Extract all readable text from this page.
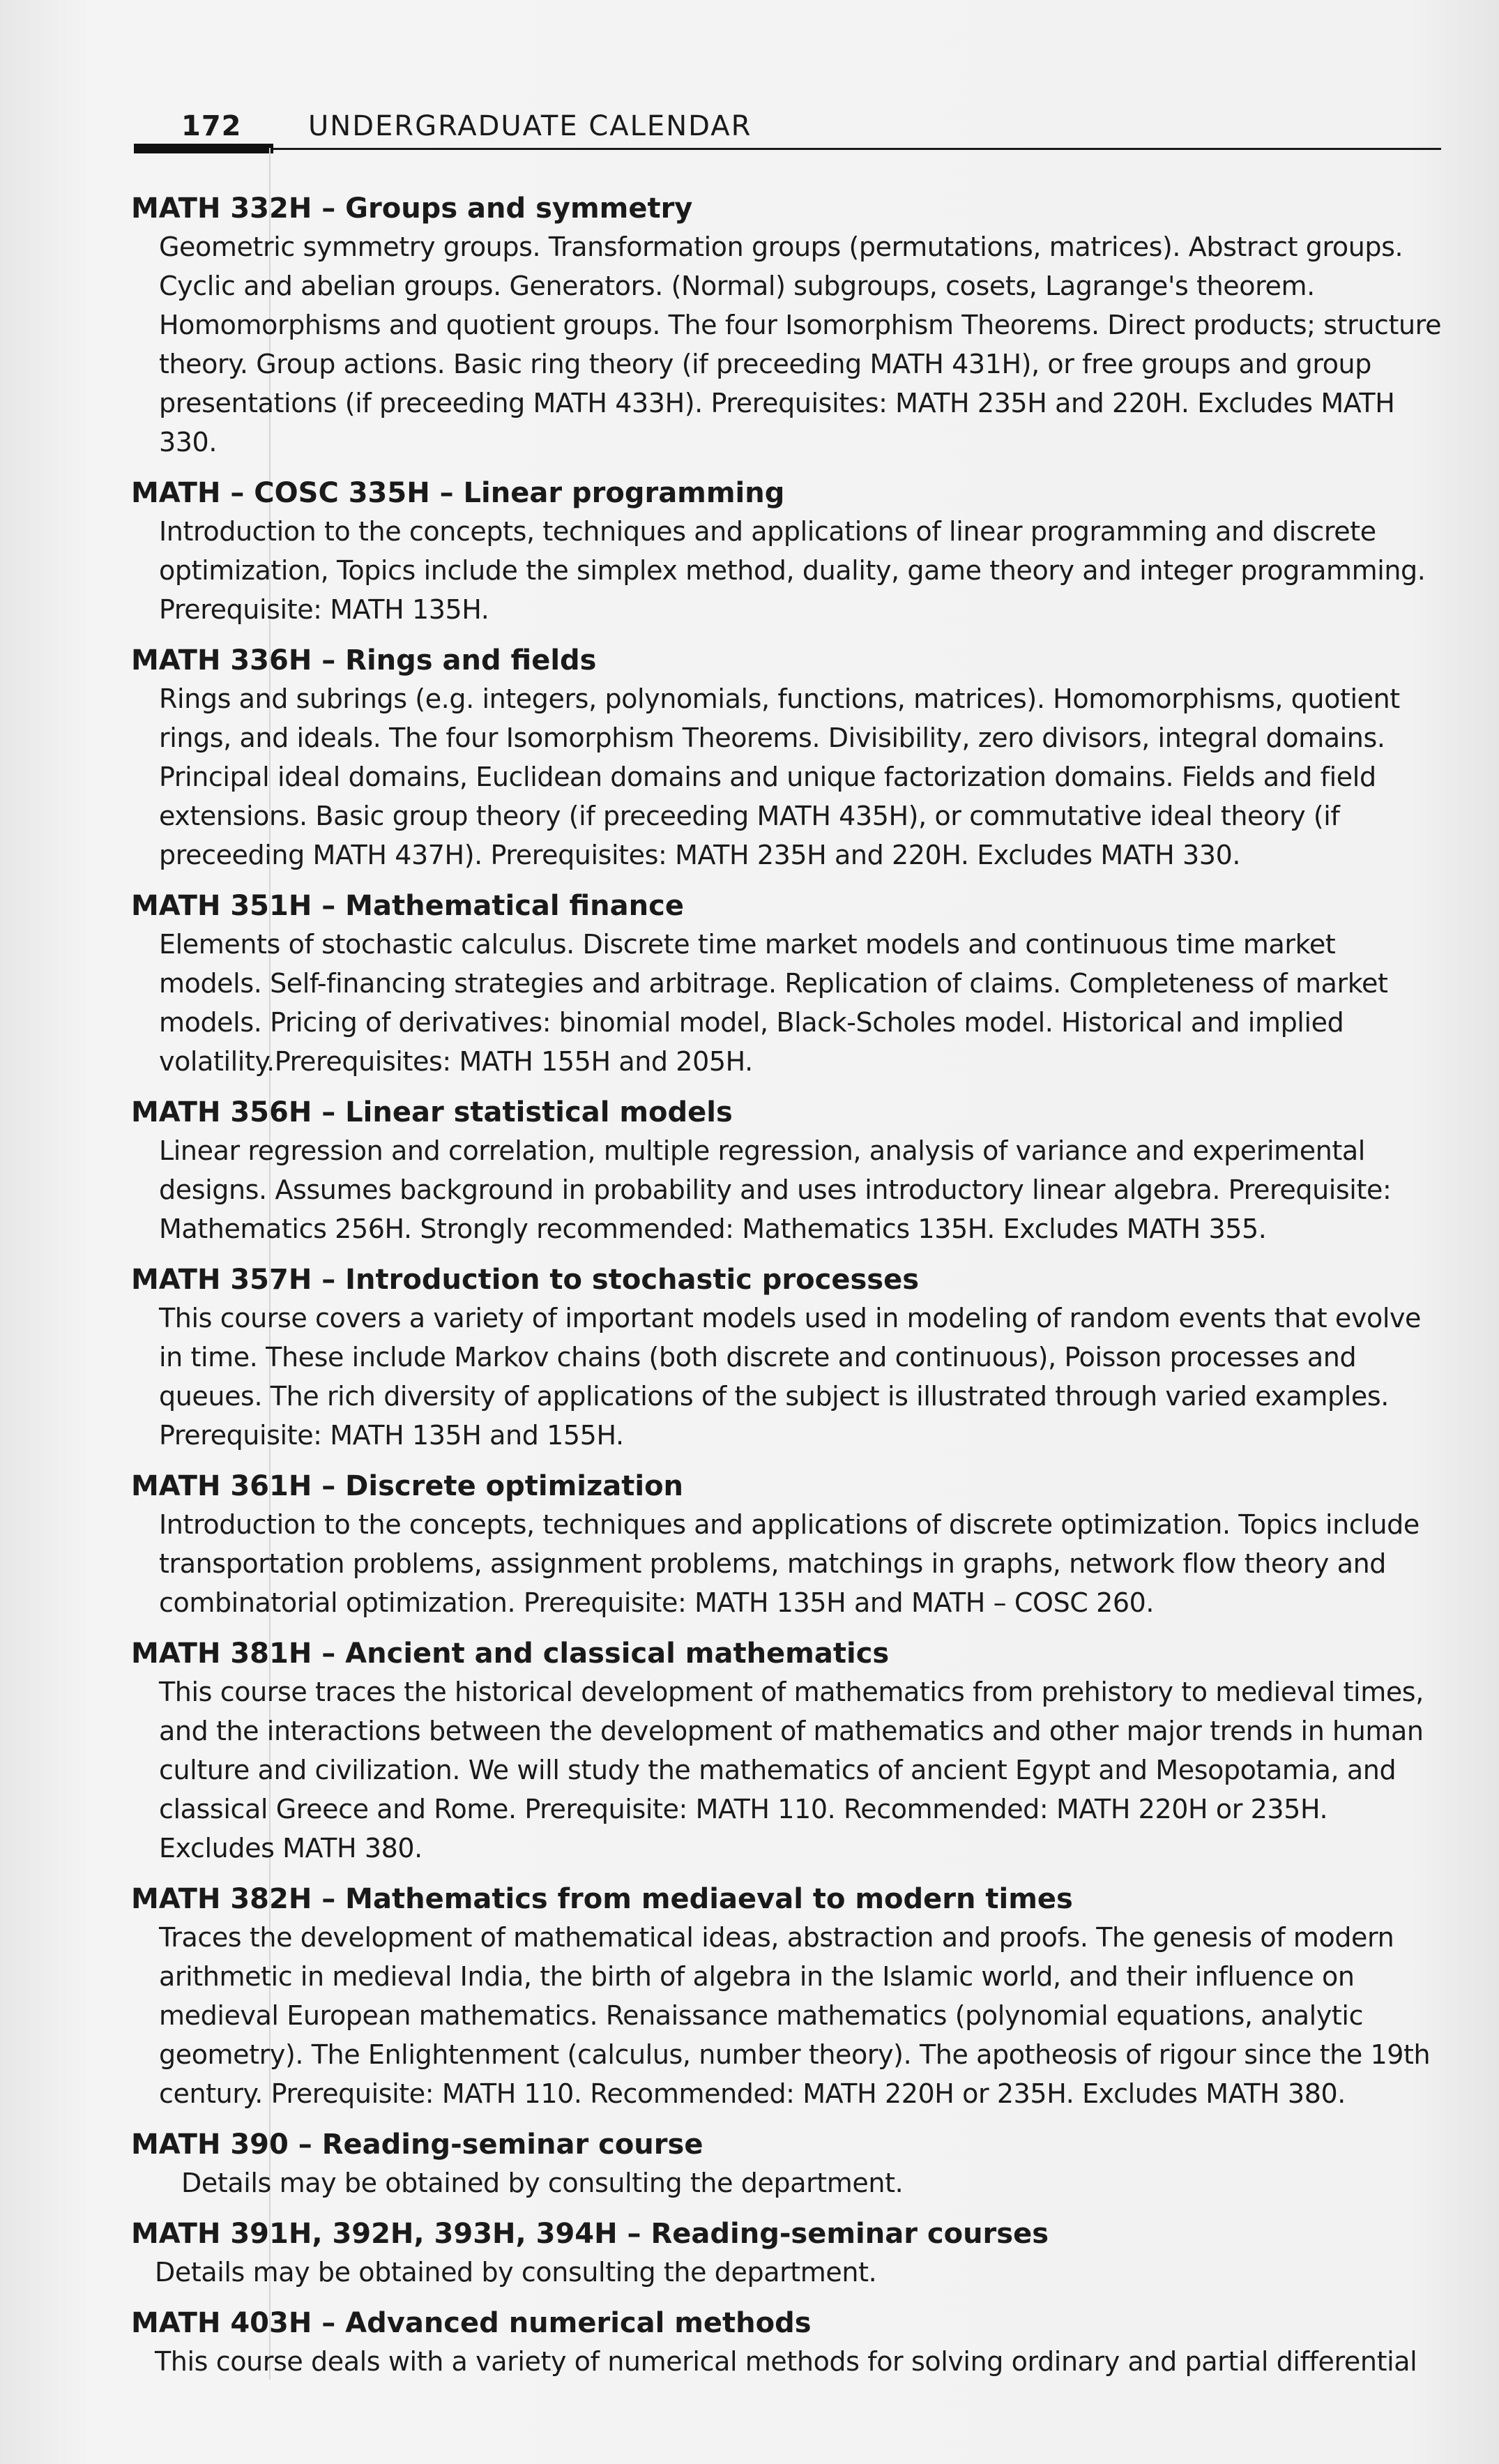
172 UNDERGRADUATE CALENDAR
MATH 332H – Groups and symmetry
Geometric symmetry groups. Transformation groups (permutations, matrices). Abstract groups. Cyclic and abelian groups. Generators. (Normal) subgroups, cosets, Lagrange's theorem. Homomorphisms and quotient groups. The four Isomorphism Theorems. Direct products; structure theory. Group actions. Basic ring theory (if preceeding MATH 431H), or free groups and group presentations (if preceeding MATH 433H). Prerequisites: MATH 235H and 220H. Excludes MATH 330.
MATH – COSC 335H – Linear programming
Introduction to the concepts, techniques and applications of linear programming and discrete optimization, Topics include the simplex method, duality, game theory and integer programming. Prerequisite: MATH 135H.
MATH 336H – Rings and fields
Rings and subrings (e.g. integers, polynomials, functions, matrices). Homomorphisms, quotient rings, and ideals. The four Isomorphism Theorems. Divisibility, zero divisors, integral domains. Principal ideal domains, Euclidean domains and unique factorization domains. Fields and field extensions. Basic group theory (if preceeding MATH 435H), or commutative ideal theory (if preceeding MATH 437H). Prerequisites: MATH 235H and 220H. Excludes MATH 330.
MATH 351H – Mathematical finance
Elements of stochastic calculus. Discrete time market models and continuous time market models. Self-financing strategies and arbitrage. Replication of claims. Completeness of market models. Pricing of derivatives: binomial model, Black-Scholes model. Historical and implied volatility.Prerequisites: MATH 155H and 205H.
MATH 356H – Linear statistical models
Linear regression and correlation, multiple regression, analysis of variance and experimental designs. Assumes background in probability and uses introductory linear algebra. Prerequisite: Mathematics 256H. Strongly recommended: Mathematics 135H. Excludes MATH 355.
MATH 357H – Introduction to stochastic processes
This course covers a variety of important models used in modeling of random events that evolve in time. These include Markov chains (both discrete and continuous), Poisson processes and queues. The rich diversity of applications of the subject is illustrated through varied examples. Prerequisite: MATH 135H and 155H.
MATH 361H – Discrete optimization
Introduction to the concepts, techniques and applications of discrete optimization. Topics include transportation problems, assignment problems, matchings in graphs, network flow theory and combinatorial optimization. Prerequisite: MATH 135H and MATH – COSC 260.
MATH 381H – Ancient and classical mathematics
This course traces the historical development of mathematics from prehistory to medieval times, and the interactions between the development of mathematics and other major trends in human culture and civilization. We will study the mathematics of ancient Egypt and Mesopotamia, and classical Greece and Rome. Prerequisite: MATH 110. Recommended: MATH 220H or 235H. Excludes MATH 380.
MATH 382H – Mathematics from mediaeval to modern times
Traces the development of mathematical ideas, abstraction and proofs. The genesis of modern arithmetic in medieval India, the birth of algebra in the Islamic world, and their influence on medieval European mathematics. Renaissance mathematics (polynomial equations, analytic geometry). The Enlightenment (calculus, number theory). The apotheosis of rigour since the 19th century. Prerequisite: MATH 110. Recommended: MATH 220H or 235H. Excludes MATH 380.
MATH 390 – Reading-seminar course
Details may be obtained by consulting the department.
MATH 391H, 392H, 393H, 394H – Reading-seminar courses
Details may be obtained by consulting the department.
MATH 403H – Advanced numerical methods
This course deals with a variety of numerical methods for solving ordinary and partial differential
